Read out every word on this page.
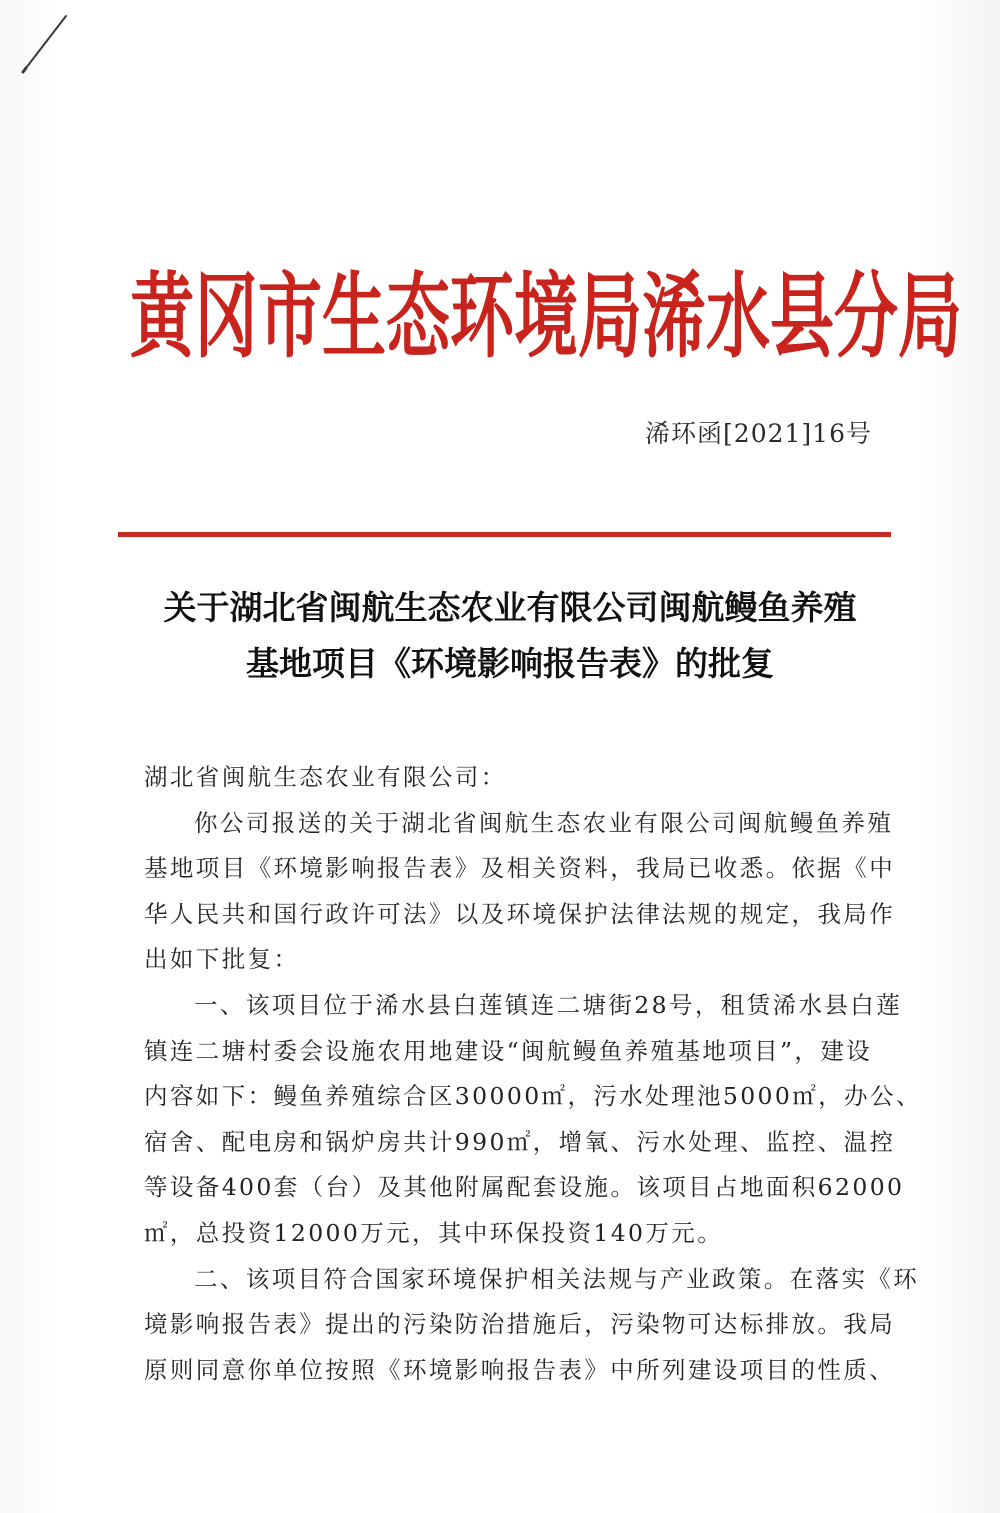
黄冈市生态环境局浠水县分局
浠环函[2021]16号
关于湖北省闽航生态农业有限公司闽航鳗鱼养殖
基地项目《环境影响报告表》的批复
湖北省闽航生态农业有限公司：
你公司报送的关于湖北省闽航生态农业有限公司闽航鳗鱼养殖
基地项目《环境影响报告表》及相关资料，我局已收悉。依据《中
华人民共和国行政许可法》以及环境保护法律法规的规定，我局作
出如下批复：
一、该项目位于浠水县白莲镇连二塘街28号，租赁浠水县白莲
镇连二塘村委会设施农用地建设“闽航鳗鱼养殖基地项目”，建设
内容如下：鳗鱼养殖综合区30000㎡，污水处理池5000㎡，办公、
宿舍、配电房和锅炉房共计990㎡，增氧、污水处理、监控、温控
等设备400套（台）及其他附属配套设施。该项目占地面积62000
㎡，总投资12000万元，其中环保投资140万元。
二、该项目符合国家环境保护相关法规与产业政策。在落实《环
境影响报告表》提出的污染防治措施后，污染物可达标排放。我局
原则同意你单位按照《环境影响报告表》中所列建设项目的性质、
